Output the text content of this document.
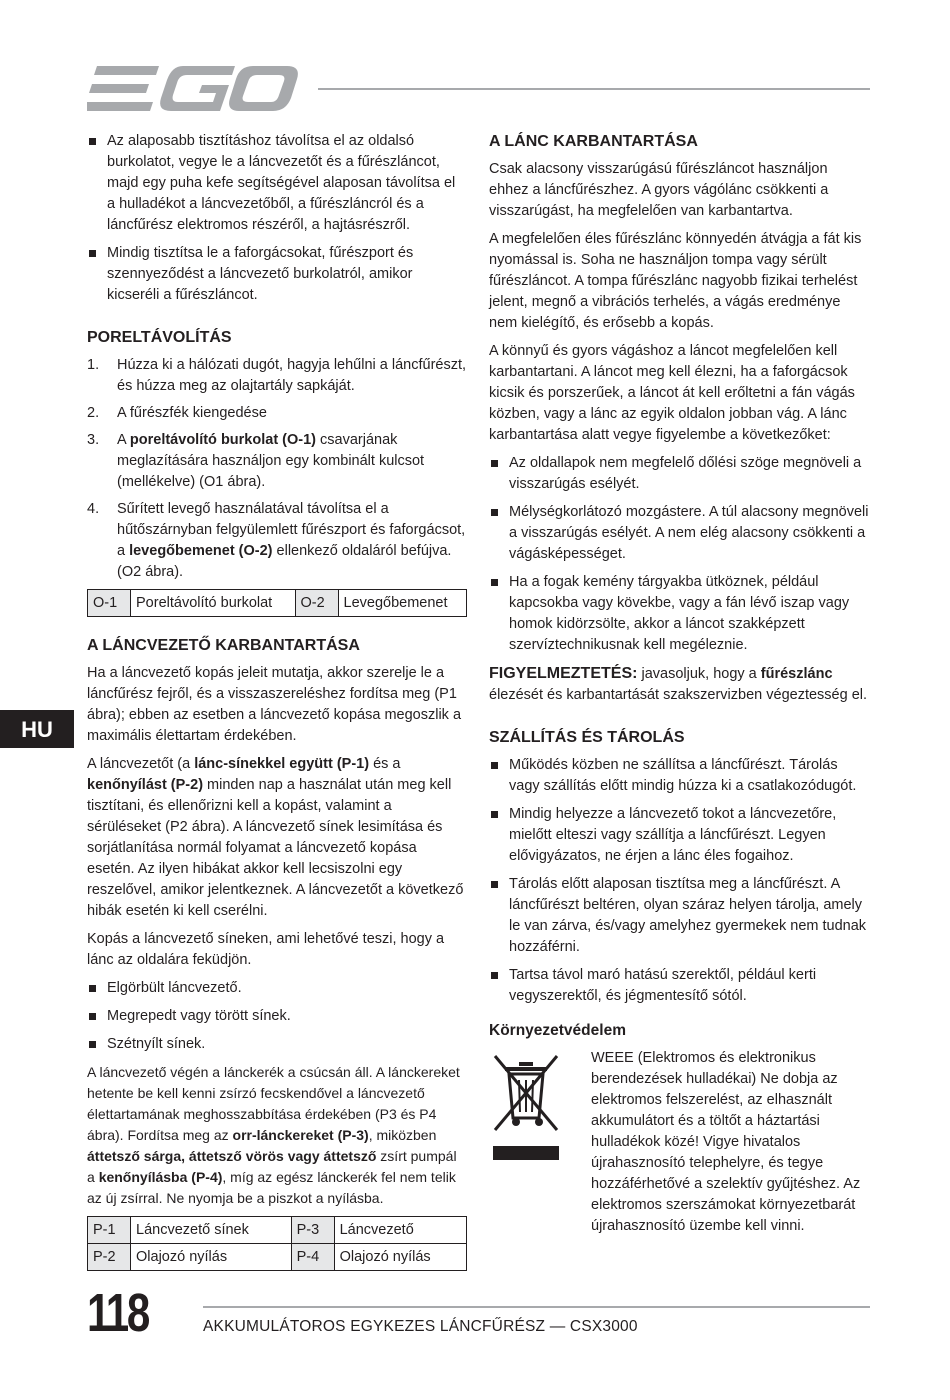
HU
Az alaposabb tisztításhoz távolítsa el az oldalsó burkolatot, vegye le a láncvezetőt és a fűrészláncot, majd egy puha kefe segítségével alaposan távolítsa el a hulladékot a láncvezetőből, a fűrészláncról és a láncfűrész elektromos részéről, a hajtásrészről.
Mindig tisztítsa le a faforgácsokat, fűrészport és szennyeződést a láncvezető burkolatról, amikor kicseréli a fűrészláncot.
PORELTÁVOLÍTÁS
1. Húzza ki a hálózati dugót, hagyja lehűlni a láncfűrészt, és húzza meg az olajtartály sapkáját.
2. A fűrészfék kiengedése
3. A poreltávolító burkolat (O-1) csavarjának meglazítására használjon egy kombinált kulcsot (mellékelve) (O1 ábra).
4. Sűrített levegő használatával távolítsa el a hűtőszárnyban felgyülemlett fűrészport és faforgácsot, a levegőbemenet (O-2) ellenkező oldaláról befújva. (O2 ábra).
O-1	Poreltávolító burkolat	O-2	Levegőbemenet
A LÁNCVEZETŐ KARBANTARTÁSA

Ha a láncvezető kopás jeleit mutatja, akkor szerelje le a láncfűrész fejről, és a visszaszereléshez fordítsa meg (P1 ábra); ebben az esetben a láncvezető kopása megoszlik a maximális élettartam érdekében.

A láncvezetőt (a lánc-sínekkel együtt (P-1) és a kenőnyílást (P-2) minden nap a használat után meg kell tisztítani, és ellenőrizni kell a kopást, valamint a sérüléseket (P2 ábra). A láncvezető sínek lesimítása és sorjátlanítása normál folyamat a láncvezető kopása esetén. Az ilyen hibákat akkor kell lecsiszolni egy reszelővel, amikor jelentkeznek. A láncvezetőt a következő hibák esetén ki kell cserélni.

Kopás a láncvezető síneken, ami lehetővé teszi, hogy a lánc az oldalára feküdjön.

Elgörbült láncvezető.
Megrepedt vagy törött sínek.
Szétnyílt sínek.

A láncvezető végén a lánckerék a csúcsán áll. A lánckereket hetente be kell kenni zsírzó fecskendővel a láncvezető élettartamának meghosszabbítása érdekében (P3 és P4 ábra). Fordítsa meg az orr-lánckereket (P-3), miközben áttetsző sárga, áttetsző vörös vagy áttetsző zsírt pumpál a kenőnyílásba (P-4), míg az egész lánckerék fel nem telik az új zsírral. Ne nyomja be a piszkot a nyílásba.

P-1	Láncvezető sínek	P-3	Láncvezető
P-2	Olajozó nyílás	P-4	Olajozó nyílás
A LÁNC KARBANTARTÁSA

Csak alacsony visszarúgású fűrészláncot használjon ehhez a láncfűrészhez. A gyors vágólánc csökkenti a visszarúgást, ha megfelelően van karbantartva.

A megfelelően éles fűrészlánc könnyedén átvágja a fát kis nyomással is. Soha ne használjon tompa vagy sérült fűrészláncot. A tompa fűrészlánc nagyobb fizikai terhelést jelent, megnő a vibrációs terhelés, a vágás eredménye nem kielégítő, és erősebb a kopás.

A könnyű és gyors vágáshoz a láncot megfelelően kell karbantartani. A láncot meg kell élezni, ha a faforgácsok kicsik és porszerűek, a láncot át kell erőltetni a fán vágás közben, vagy a lánc az egyik oldalon jobban vág. A lánc karbantartása alatt vegye figyelembe a következőket:

Az oldallapok nem megfelelő dőlési szöge megnöveli a visszarúgás esélyét.
Mélységkorlátozó mozgástere. A túl alacsony megnöveli a visszarúgás esélyét. A nem elég alacsony csökkenti a vágásképességet.
Ha a fogak kemény tárgyakba ütköznek, például kapcsokba vagy kövekbe, vagy a fán lévő iszap vagy homok kidörzsölte, akkor a láncot szakképzett szervíztechnikusnak kell megéleznie.

FIGYELMEZTETÉS: javasoljuk, hogy a fűrészlánc élezését és karbantartását szakszervizben végeztesség el.

SZÁLLÍTÁS ÉS TÁROLÁS
Működés közben ne szállítsa a láncfűrészt. Tárolás vagy szállítás előtt mindig húzza ki a csatlakozódugót.
Mindig helyezze a láncvezető tokot a láncvezetőre, mielőtt elteszi vagy szállítja a láncfűrészt. Legyen elővigyázatos, ne érjen a lánc éles fogaihoz.
Tárolás előtt alaposan tisztítsa meg a láncfűrészt. A láncfűrészt beltéren, olyan száraz helyen tárolja, amely le van zárva, és/vagy amelyhez gyermekek nem tudnak hozzáférni.
Tartsa távol maró hatású szerektől, például kerti vegyszerektől, és jégmentesítő sótól.
Környezetvédelem
WEEE (Elektromos és elektronikus berendezések hulladékai) Ne dobja az elektromos felszerelést, az elhasznált akkumulátort és a töltőt a háztartási hulladékok közé! Vigye hivatalos újrahasznosító telephelyre, és tegye hozzáférhetővé a szelektív gyűjtéshez. Az elektromos szerszámokat környezetbarát újrahasznosító üzembe kell vinni.
118	AKKUMULÁTOROS EGYKEZES LÁNCFŰRÉSZ — CSX3000
